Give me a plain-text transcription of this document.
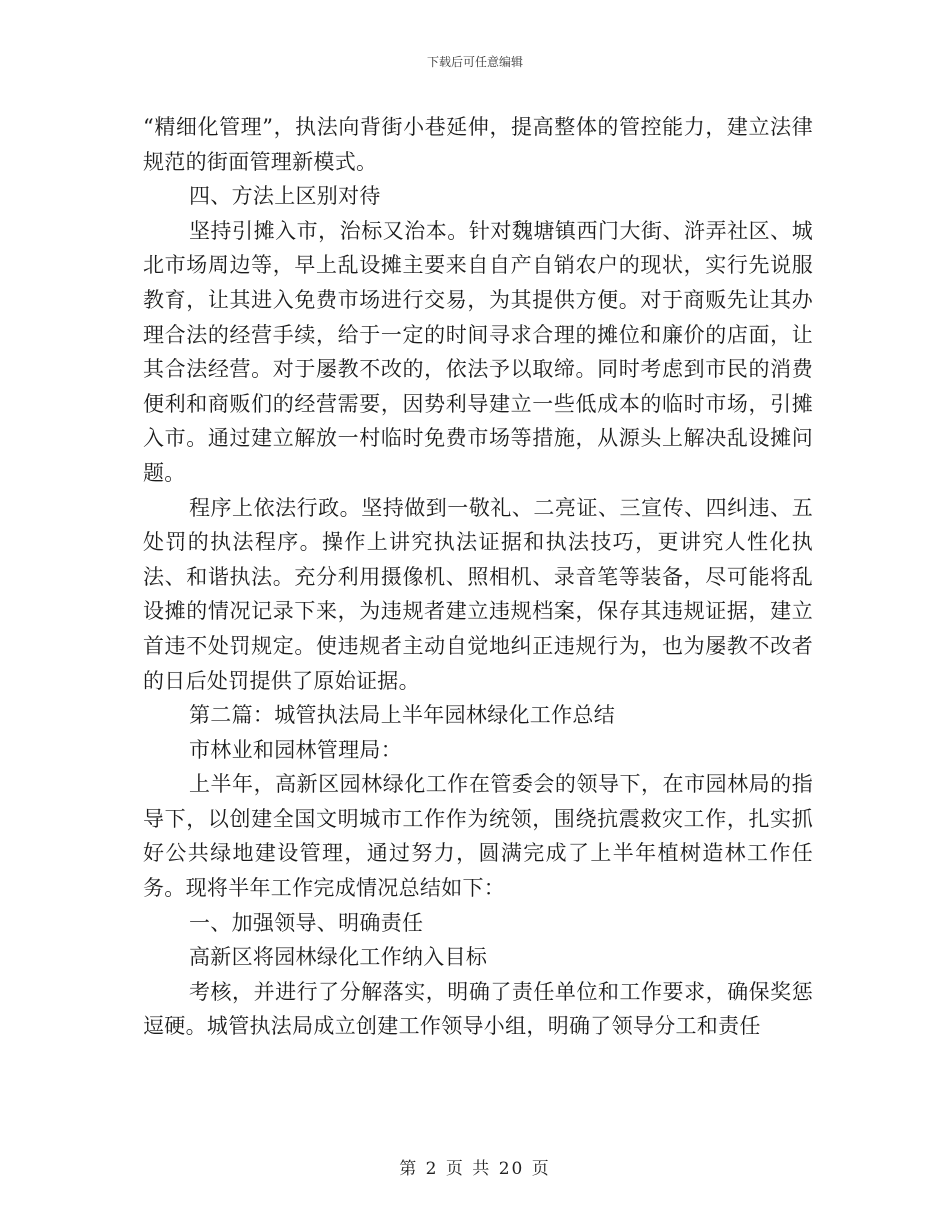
下载后可任意编辑

“精细化管理”，执法向背街小巷延伸，提高整体的管控能力，建立法律规范的街面管理新模式。

四、方法上区别对待

坚持引摊入市，治标又治本。针对魏塘镇西门大街、浒弄社区、城北市场周边等，早上乱设摊主要来自自产自销农户的现状，实行先说服教育，让其进入免费市场进行交易，为其提供方便。对于商贩先让其办理合法的经营手续，给于一定的时间寻求合理的摊位和廉价的店面，让其合法经营。对于屡教不改的，依法予以取缔。同时考虑到市民的消费便利和商贩们的经营需要，因势利导建立一些低成本的临时市场，引摊入市。通过建立解放一村临时免费市场等措施，从源头上解决乱设摊问题。

程序上依法行政。坚持做到一敬礼、二亮证、三宣传、四纠违、五处罚的执法程序。操作上讲究执法证据和执法技巧，更讲究人性化执法、和谐执法。充分利用摄像机、照相机、录音笔等装备，尽可能将乱设摊的情况记录下来，为违规者建立违规档案，保存其违规证据，建立首违不处罚规定。使违规者主动自觉地纠正违规行为，也为屡教不改者的日后处罚提供了原始证据。

第二篇：城管执法局上半年园林绿化工作总结

市林业和园林管理局：

上半年，高新区园林绿化工作在管委会的领导下，在市园林局的指导下，以创建全国文明城市工作作为统领，围绕抗震救灾工作，扎实抓好公共绿地建设管理，通过努力，圆满完成了上半年植树造林工作任务。现将半年工作完成情况总结如下：

一、加强领导、明确责任

高新区将园林绿化工作纳入目标

考核，并进行了分解落实，明确了责任单位和工作要求，确保奖惩逗硬。城管执法局成立创建工作领导小组，明确了领导分工和责任

第 2 页 共 20 页
